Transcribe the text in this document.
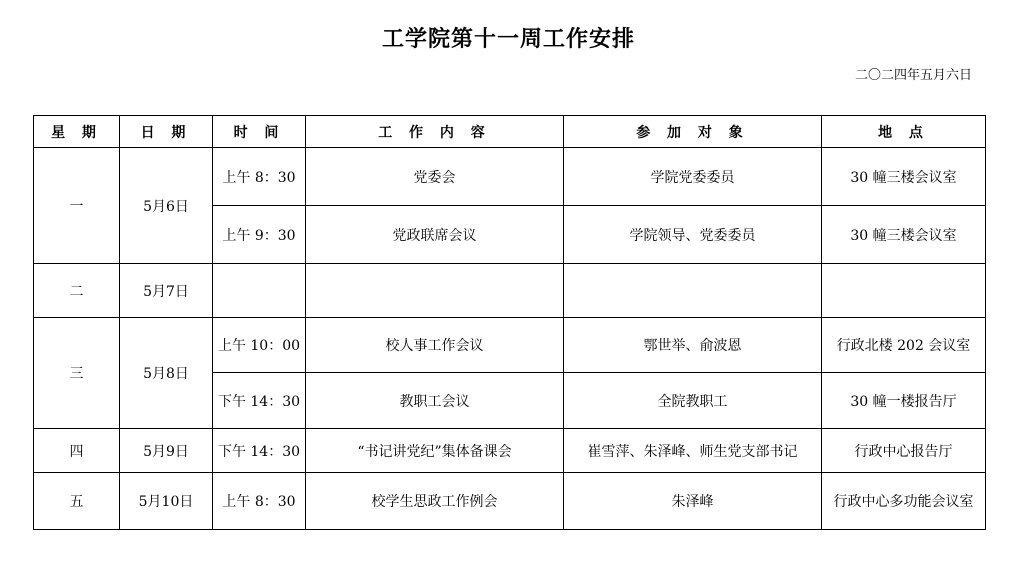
工学院第十一周工作安排
二〇二四年五月六日
星 期	日 期	时 间	工 作 内 容	参 加 对 象	地 点
一	5月6日	上午 8：30	党委会	学院党委委员	30 幢三楼会议室
		上午 9：30	党政联席会议	学院领导、党委委员	30 幢三楼会议室
二	5月7日				
三	5月8日	上午 10：00	校人事工作会议	鄂世举、俞波恩	行政北楼 202 会议室
		下午 14：30	教职工会议	全院教职工	30 幢一楼报告厅
四	5月9日	下午 14：30	“书记讲党纪”集体备课会	崔雪萍、朱泽峰、师生党支部书记	行政中心报告厅
五	5月10日	上午 8：30	校学生思政工作例会	朱泽峰	行政中心多功能会议室
